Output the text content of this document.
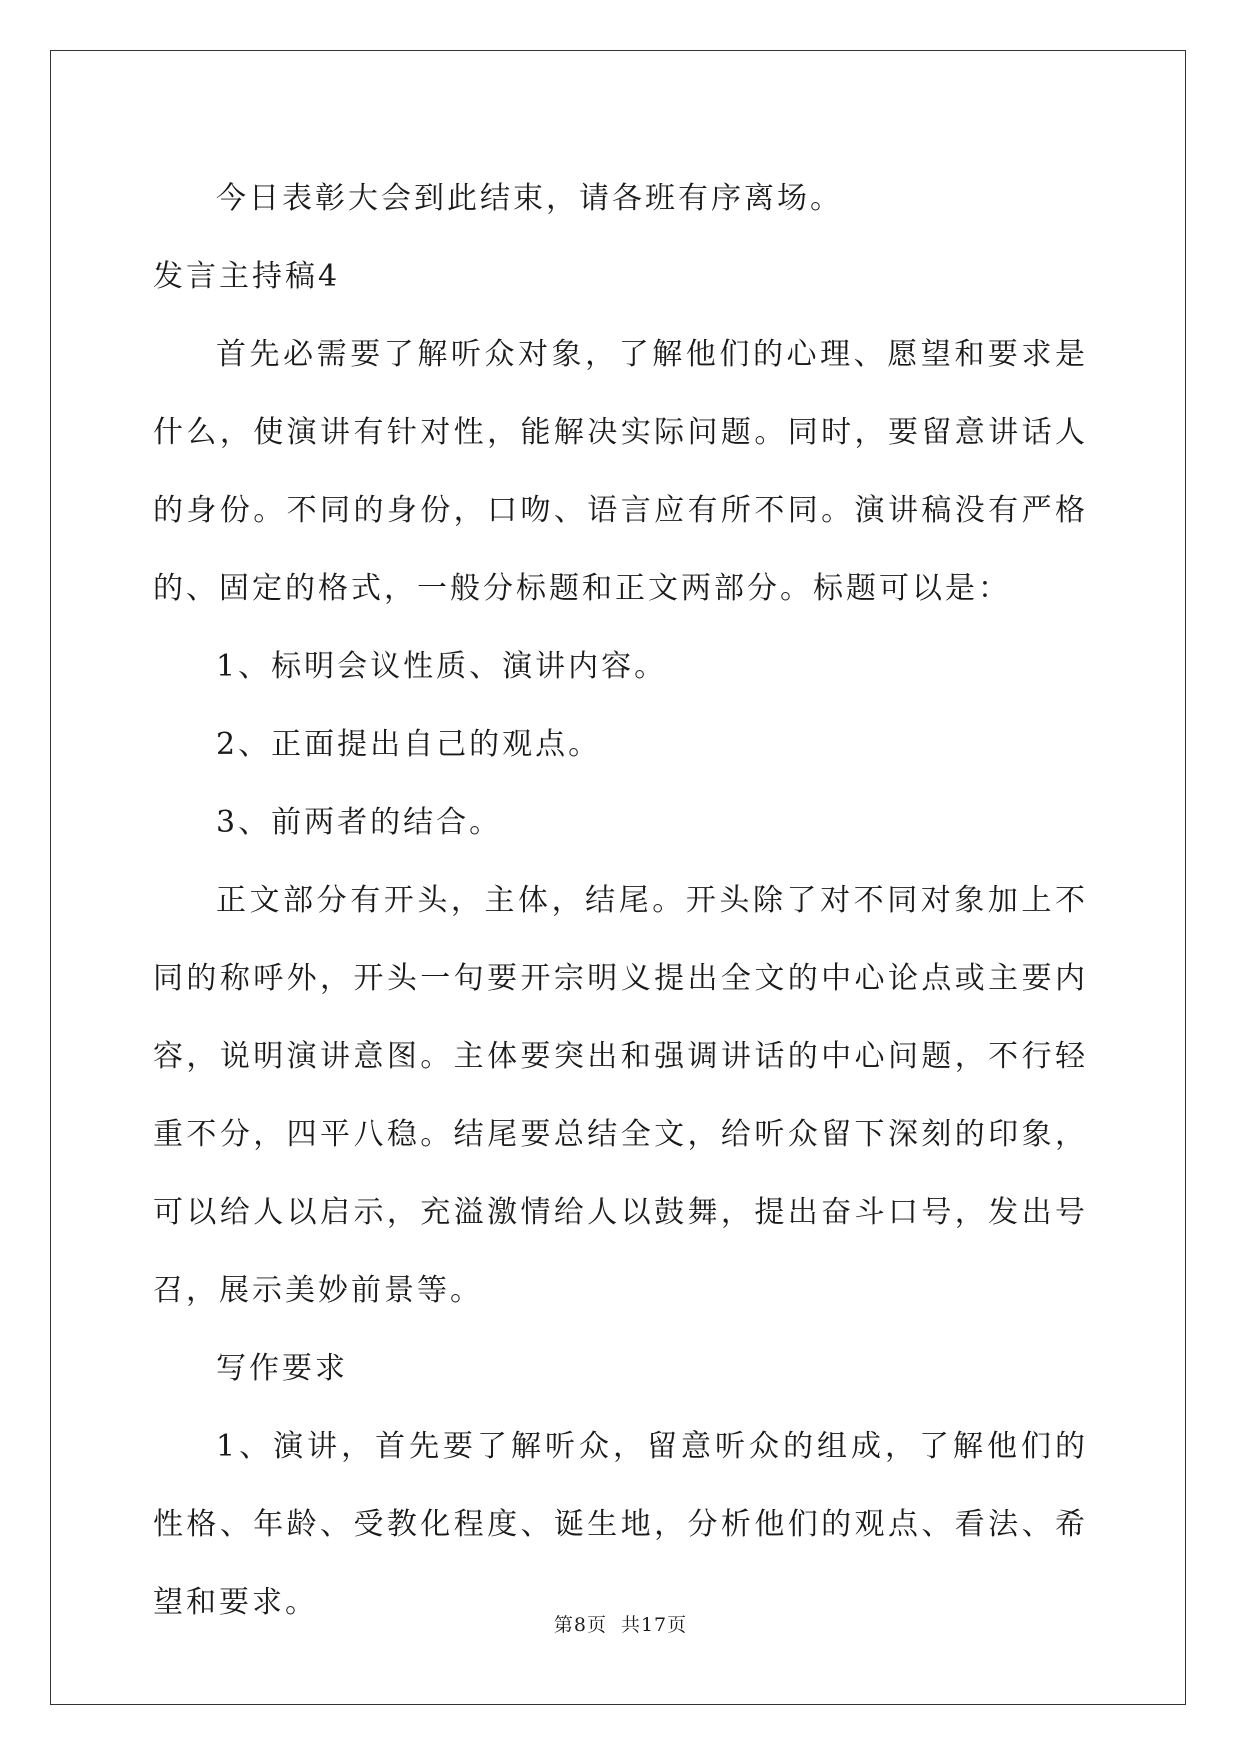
今日表彰大会到此结束，请各班有序离场。

发言主持稿4

首先必需要了解听众对象，了解他们的心理、愿望和要求是什么，使演讲有针对性，能解决实际问题。同时，要留意讲话人的身份。不同的身份，口吻、语言应有所不同。演讲稿没有严格的、固定的格式，一般分标题和正文两部分。标题可以是：

1、标明会议性质、演讲内容。

2、正面提出自己的观点。

3、前两者的结合。

正文部分有开头，主体，结尾。开头除了对不同对象加上不同的称呼外，开头一句要开宗明义提出全文的中心论点或主要内容，说明演讲意图。主体要突出和强调讲话的中心问题，不行轻重不分，四平八稳。结尾要总结全文，给听众留下深刻的印象，可以给人以启示，充溢激情给人以鼓舞，提出奋斗口号，发出号召，展示美妙前景等。

写作要求

1、演讲，首先要了解听众，留意听众的组成，了解他们的性格、年龄、受教化程度、诞生地，分析他们的观点、看法、希望和要求。

第8页 共17页
